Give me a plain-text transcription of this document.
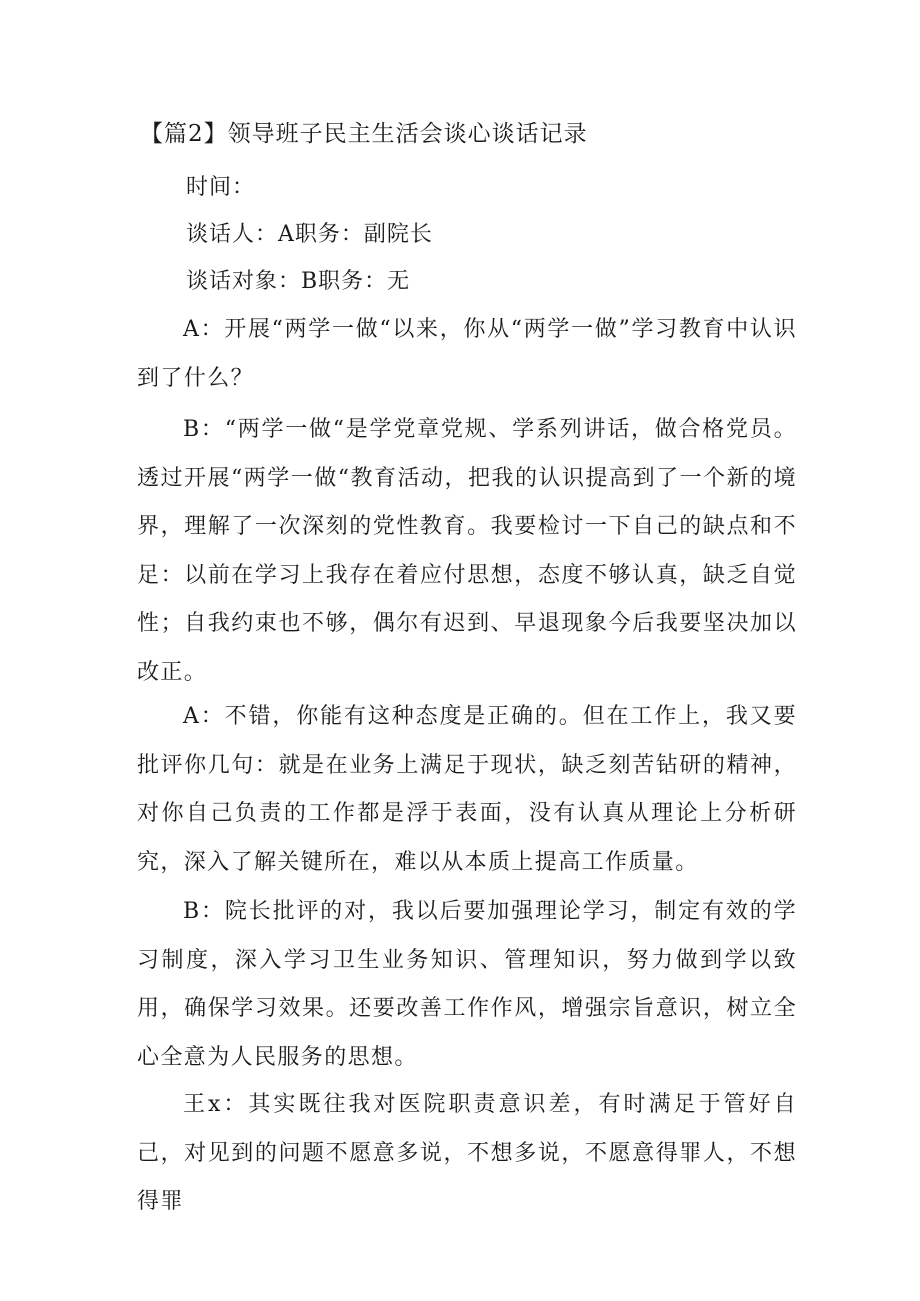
【篇2】领导班子民主生活会谈心谈话记录

时间：

谈话人：A职务：副院长

谈话对象：B职务：无

A：开展“两学一做“以来，你从“两学一做”学习教育中认识到了什么？

B：“两学一做“是学党章党规、学系列讲话，做合格党员。透过开展“两学一做“教育活动，把我的认识提高到了一个新的境界，理解了一次深刻的党性教育。我要检讨一下自己的缺点和不足：以前在学习上我存在着应付思想，态度不够认真，缺乏自觉性；自我约束也不够，偶尔有迟到、早退现象今后我要坚决加以改正。

A：不错，你能有这种态度是正确的。但在工作上，我又要批评你几句：就是在业务上满足于现状，缺乏刻苦钻研的精神，对你自己负责的工作都是浮于表面，没有认真从理论上分析研究，深入了解关键所在，难以从本质上提高工作质量。

B：院长批评的对，我以后要加强理论学习，制定有效的学习制度，深入学习卫生业务知识、管理知识，努力做到学以致用，确保学习效果。还要改善工作作风，增强宗旨意识，树立全心全意为人民服务的思想。

王x：其实既往我对医院职责意识差，有时满足于管好自己，对见到的问题不愿意多说，不想多说，不愿意得罪人，不想得罪
